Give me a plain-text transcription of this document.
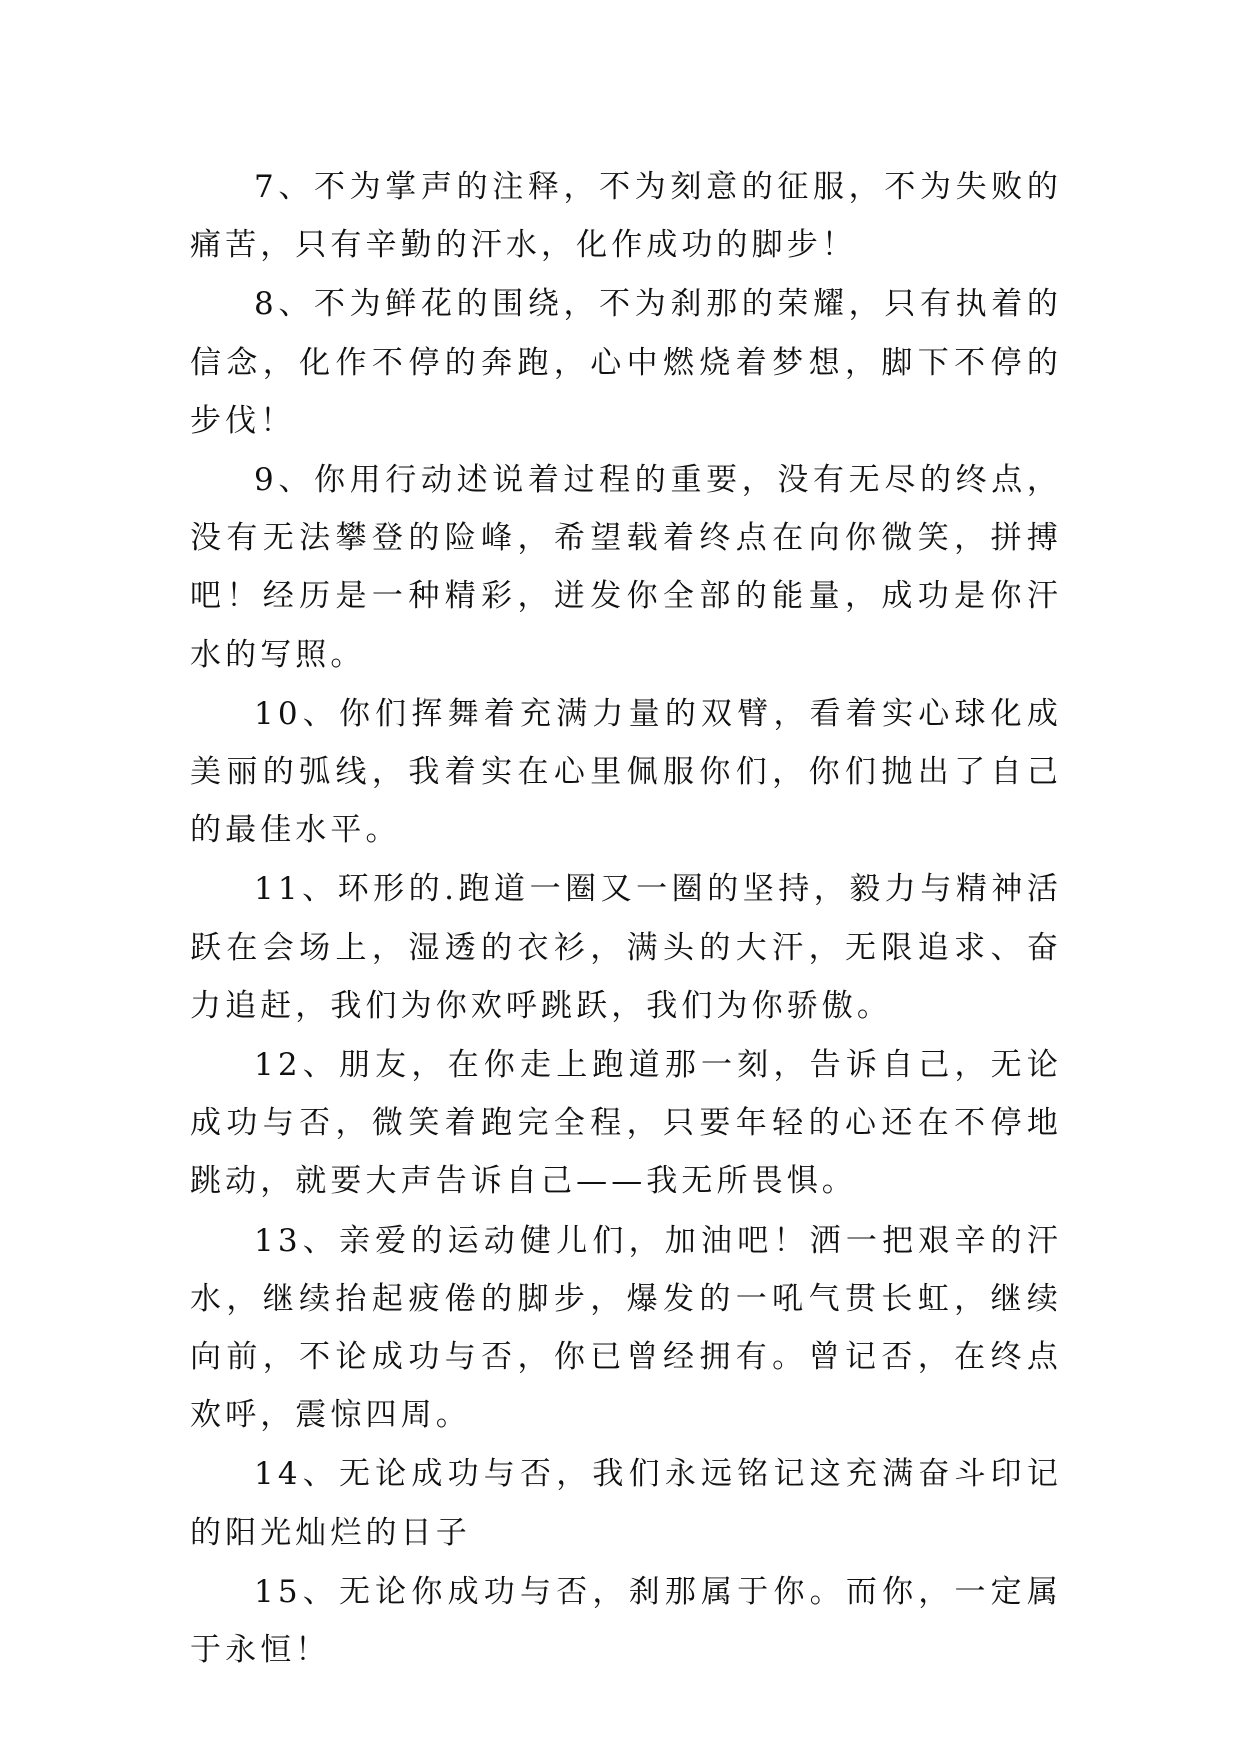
7、不为掌声的注释，不为刻意的征服，不为失败的痛苦，只有辛勤的汗水，化作成功的脚步！

8、不为鲜花的围绕，不为刹那的荣耀，只有执着的信念，化作不停的奔跑，心中燃烧着梦想，脚下不停的步伐！

9、你用行动述说着过程的重要，没有无尽的终点，没有无法攀登的险峰，希望载着终点在向你微笑，拼搏吧！经历是一种精彩，迸发你全部的能量，成功是你汗水的写照。

10、你们挥舞着充满力量的双臂，看着实心球化成美丽的弧线，我着实在心里佩服你们，你们抛出了自己的最佳水平。

11、环形的.跑道一圈又一圈的坚持，毅力与精神活跃在会场上，湿透的衣衫，满头的大汗，无限追求、奋力追赶，我们为你欢呼跳跃，我们为你骄傲。

12、朋友，在你走上跑道那一刻，告诉自己，无论成功与否，微笑着跑完全程，只要年轻的心还在不停地跳动，就要大声告诉自己——我无所畏惧。

13、亲爱的运动健儿们，加油吧！洒一把艰辛的汗水，继续抬起疲倦的脚步，爆发的一吼气贯长虹，继续向前，不论成功与否，你已曾经拥有。曾记否，在终点欢呼，震惊四周。

14、无论成功与否，我们永远铭记这充满奋斗印记的阳光灿烂的日子

15、无论你成功与否，刹那属于你。而你，一定属于永恒！
